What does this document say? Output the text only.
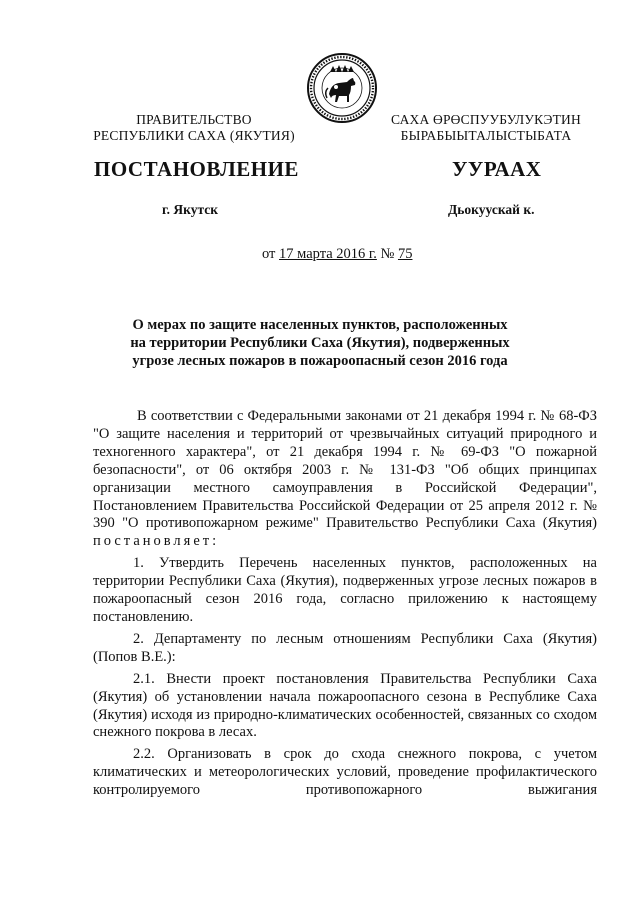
ПРАВИТЕЛЬСТВО
РЕСПУБЛИКИ САХА (ЯКУТИЯ)
САХА ӨРӨСПУУБУЛУКЭТИН
БЫРАБЫЫТАЛЫСТЫБАТА
ПОСТАНОВЛЕНИЕ	УУРААХ
г. Якутск	Дьокуускай к.
от 17 марта 2016 г. № 75
О мерах по защите населенных пунктов, расположенных
на территории Республики Саха (Якутия), подверженных
угрозе лесных пожаров в пожароопасный сезон 2016 года

В соответствии с Федеральными законами от 21 декабря 1994 г. № 68-ФЗ "О защите населения и территорий от чрезвычайных ситуаций природного и техногенного характера", от 21 декабря 1994 г. № 69-ФЗ "О пожарной безопасности", от 06 октября 2003 г. № 131-ФЗ "Об общих принципах организации местного самоуправления в Российской Федерации", Постановлением Правительства Российской Федерации от 25 апреля 2012 г. № 390 "О противопожарном режиме" Правительство Республики Саха (Якутия) постановляет:

1. Утвердить Перечень населенных пунктов, расположенных на территории Республики Саха (Якутия), подверженных угрозе лесных пожаров в пожароопасный сезон 2016 года, согласно приложению к настоящему постановлению.

2. Департаменту по лесным отношениям Республики Саха (Якутия) (Попов В.Е.):

2.1. Внести проект постановления Правительства Республики Саха (Якутия) об установлении начала пожароопасного сезона в Республике Саха (Якутия) исходя из природно-климатических особенностей, связанных со сходом снежного покрова в лесах.

2.2. Организовать в срок до схода снежного покрова, с учетом климатических и метеорологических условий, проведение профилактического контролируемого противопожарного выжигания
